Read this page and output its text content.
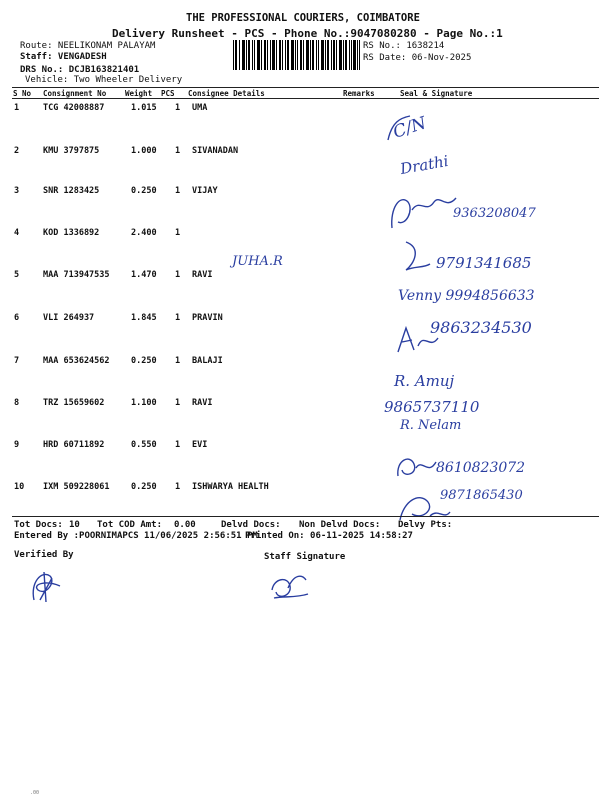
THE PROFESSIONAL COURIERS, COIMBATORE
Delivery Runsheet - PCS - Phone No.:9047080280 - Page No.:1
Route: NEELIKONAM PALAYAM
Staff: VENGADESH
DRS No.: DCJB163821401
Vehicle: Two Wheeler Delivery
RS No.: 1638214
RS Date: 06-Nov-2025
S No Consignment No	Weight PCS Consignee Details	Remarks	Seal & Signature
1	TCG 42008887	1.015 1 UMA
2	KMU 3797875	1.000 1 SIVANADAN
3	SNR 1283425	0.250 1 VIJAY
4	KOD 1336892	2.400 1
5	MAA 713947535	1.470 1 RAVI
6	VLI 264937	1.845 1 PRAVIN
7	MAA 653624562	0.250 1 BALAJI
8	TRZ 15659602	1.100 1 RAVI
9	HRD 60711892	0.550 1 EVI
10 IXM 509228061	0.250 1 ISHWARYA HEALTH
C/N
Drathi
9363208047
JUHA.R	9791341685
Venny 9994856633
9863234530
R. Amuj
9865737110
R. Nelam
8610823072
9871865430
Tot Docs: 10 Tot COD Amt: 0.00	Delvd Docs: Non Delvd Docs: Delvy Pts:
Entered By :POORNIMAPCS 11/06/2025 2:56:51 PM
Printed On: 06-11-2025 14:58:27
Verified By	Staff Signature
.00
